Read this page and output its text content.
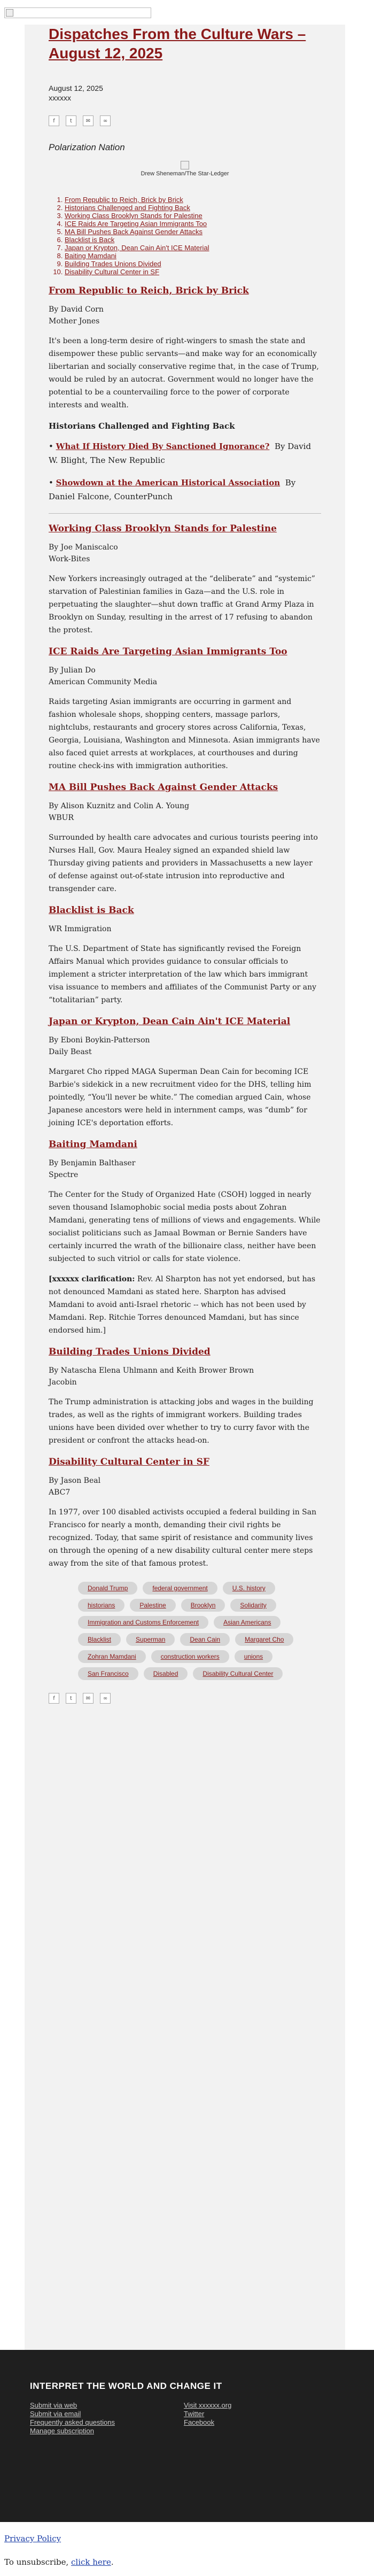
Dispatches From the Culture Wars – August 12, 2025
August 12, 2025
xxxxxx
f	t	✉	∞
Polarization Nation
Drew Sheneman/The Star-Ledger
1. From Republic to Reich, Brick by Brick
2. Historians Challenged and Fighting Back
3. Working Class Brooklyn Stands for Palestine
4. ICE Raids Are Targeting Asian Immigrants Too
5. MA Bill Pushes Back Against Gender Attacks
6. Blacklist is Back
7. Japan or Krypton, Dean Cain Ain't ICE Material
8. Baiting Mamdani
9. Building Trades Unions Divided
10. Disability Cultural Center in SF
From Republic to Reich, Brick by Brick
By David Corn
Mother Jones

It's been a long-term desire of right-wingers to smash the state and disempower these public servants—and make way for an economically libertarian and socially conservative regime that, in the case of Trump, would be ruled by an autocrat. Government would no longer have the potential to be a countervailing force to the power of corporate interests and wealth.

Historians Challenged and Fighting Back
• What If History Died By Sanctioned Ignorance? By David W. Blight, The New Republic
• Showdown at the American Historical Association By Daniel Falcone, CounterPunch
Working Class Brooklyn Stands for Palestine
By Joe Maniscalco
Work-Bites

New Yorkers increasingly outraged at the “deliberate” and “systemic” starvation of Palestinian families in Gaza—and the U.S. role in perpetuating the slaughter—shut down traffic at Grand Army Plaza in Brooklyn on Sunday, resulting in the arrest of 17 refusing to abandon the protest.

ICE Raids Are Targeting Asian Immigrants Too
By Julian Do
American Community Media

Raids targeting Asian immigrants are occurring in garment and fashion wholesale shops, shopping centers, massage parlors, nightclubs, restaurants and grocery stores across California, Texas, Georgia, Louisiana, Washington and Minnesota. Asian immigrants have also faced quiet arrests at workplaces, at courthouses and during routine check-ins with immigration authorities.

MA Bill Pushes Back Against Gender Attacks
By Alison Kuznitz and Colin A. Young
WBUR

Surrounded by health care advocates and curious tourists peering into Nurses Hall, Gov. Maura Healey signed an expanded shield law Thursday giving patients and providers in Massachusetts a new layer of defense against out-of-state intrusion into reproductive and transgender care.

Blacklist is Back
WR Immigration

The U.S. Department of State has significantly revised the Foreign Affairs Manual which provides guidance to consular officials to implement a stricter interpretation of the law which bars immigrant visa issuance to members and affiliates of the Communist Party or any “totalitarian” party.

Japan or Krypton, Dean Cain Ain't ICE Material
By Eboni Boykin-Patterson
Daily Beast

Margaret Cho ripped MAGA Superman Dean Cain for becoming ICE Barbie's sidekick in a new recruitment video for the DHS, telling him pointedly, “You'll never be white.” The comedian argued Cain, whose Japanese ancestors were held in internment camps, was “dumb” for joining ICE's deportation efforts.

Baiting Mamdani
By Benjamin Balthaser
Spectre

The Center for the Study of Organized Hate (CSOH) logged in nearly seven thousand Islamophobic social media posts about Zohran Mamdani, generating tens of millions of views and engagements. While socialist politicians such as Jamaal Bowman or Bernie Sanders have certainly incurred the wrath of the billionaire class, neither have been subjected to such vitriol or calls for state violence.

[xxxxxx clarification: Rev. Al Sharpton has not yet endorsed, but has not denounced Mamdani as stated here. Sharpton has advised Mamdani to avoid anti-Israel rhetoric -- which has not been used by Mamdani. Rep. Ritchie Torres denounced Mamdani, but has since endorsed him.]

Building Trades Unions Divided
By Natascha Elena Uhlmann and Keith Brower Brown
Jacobin

The Trump administration is attacking jobs and wages in the building trades, as well as the rights of immigrant workers. Building trades unions have been divided over whether to try to curry favor with the president or confront the attacks head-on.

Disability Cultural Center in SF
By Jason Beal
ABC7

In 1977, over 100 disabled activists occupied a federal building in San Francisco for nearly a month, demanding their civil rights be recognized. Today, that same spirit of resistance and community lives on through the opening of a new disability cultural center mere steps away from the site of that famous protest.

Donald Trump	federal government	U.S. history
historians	Palestine	Brooklyn	Solidarity
Immigration and Customs Enforcement	Asian Americans
Blacklist	Superman	Dean Cain	Margaret Cho
Zohran Mamdani	construction workers	unions
San Francisco	Disabled	Disability Cultural Center
f	t	✉	∞
INTERPRET THE WORLD AND CHANGE IT
Submit via web
Submit via email
Frequently asked questions
Manage subscription
Visit xxxxxx.org
Twitter
Facebook
Privacy Policy
To unsubscribe, click here.
